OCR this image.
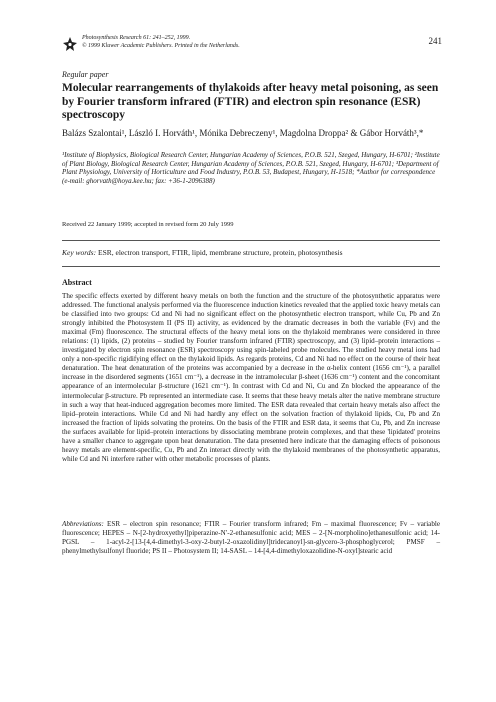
Photosynthesis Research 61: 241–252, 1999.
© 1999 Kluwer Academic Publishers. Printed in the Netherlands.	241
Regular paper
Molecular rearrangements of thylakoids after heavy metal poisoning, as seen by Fourier transform infrared (FTIR) and electron spin resonance (ESR) spectroscopy

Balázs Szalontai¹, László I. Horváth¹, Mónika Debreczeny¹, Magdolna Droppa² & Gábor Horváth³,*

¹Institute of Biophysics, Biological Research Center, Hungarian Academy of Sciences, P.O.B. 521, Szeged, Hungary, H-6701; ²Institute of Plant Biology, Biological Research Center, Hungarian Academy of Sciences, P.O.B. 521, Szeged, Hungary, H-6701; ³Department of Plant Physiology, University of Horticulture and Food Industry, P.O.B. 53, Budapest, Hungary, H-1518; *Author for correspondence (e-mail: ghorvath@hoya.kee.hu; fax: +36-1-2096388)

Received 22 January 1999; accepted in revised form 20 July 1999
Key words: ESR, electron transport, FTIR, lipid, membrane structure, protein, photosynthesis
Abstract

The specific effects exerted by different heavy metals on both the function and the structure of the photosynthetic apparatus were addressed. The functional analysis performed via the fluorescence induction kinetics revealed that the applied toxic heavy metals can be classified into two groups: Cd and Ni had no significant effect on the photosynthetic electron transport, while Cu, Pb and Zn strongly inhibited the Photosystem II (PS II) activity, as evidenced by the dramatic decreases in both the variable (Fv) and the maximal (Fm) fluorescence. The structural effects of the heavy metal ions on the thylakoid membranes were considered in three relations: (1) lipids, (2) proteins – studied by Fourier transform infrared (FTIR) spectroscopy, and (3) lipid–protein interactions – investigated by electron spin resonance (ESR) spectroscopy using spin-labeled probe molecules. The studied heavy metal ions had only a non-specific rigidifying effect on the thylakoid lipids. As regards proteins, Cd and Ni had no effect on the course of their heat denaturation. The heat denaturation of the proteins was accompanied by a decrease in the α-helix content (1656 cm⁻¹), a parallel increase in the disordered segments (1651 cm⁻¹), a decrease in the intramolecular β-sheet (1636 cm⁻¹) content and the concomitant appearance of an intermolecular β-structure (1621 cm⁻¹). In contrast with Cd and Ni, Cu and Zn blocked the appearance of the intermolecular β-structure. Pb represented an intermediate case. It seems that these heavy metals alter the native membrane structure in such a way that heat-induced aggregation becomes more limited. The ESR data revealed that certain heavy metals also affect the lipid–protein interactions. While Cd and Ni had hardly any effect on the solvation fraction of thylakoid lipids, Cu, Pb and Zn increased the fraction of lipids solvating the proteins. On the basis of the FTIR and ESR data, it seems that Cu, Pb, and Zn increase the surfaces available for lipid–protein interactions by dissociating membrane protein complexes, and that these 'lipidated' proteins have a smaller chance to aggregate upon heat denaturation. The data presented here indicate that the damaging effects of poisonous heavy metals are element-specific, Cu, Pb and Zn interact directly with the thylakoid membranes of the photosynthetic apparatus, while Cd and Ni interfere rather with other metabolic processes of plants.

Abbreviations: ESR – electron spin resonance; FTIR – Fourier transform infrared; Fm – maximal fluorescence; Fv – variable fluorescence; HEPES – N-[2-hydroxyethyl]piperazine-N′-2-ethanesulfonic acid; MES – 2-[N-morpholino]ethanesulfonic acid; 14-PGSL – 1-acyl-2-[13-[4,4-dimethyl-3-oxy-2-butyl-2-oxazolidinyl]tridecanoyl]-sn-glycero-3-phosphoglycerol; PMSF – phenylmethylsulfonyl fluoride; PS II – Photosystem II; 14-SASL – 14-[4,4-dimethyloxazolidine-N-oxyl]stearic acid
